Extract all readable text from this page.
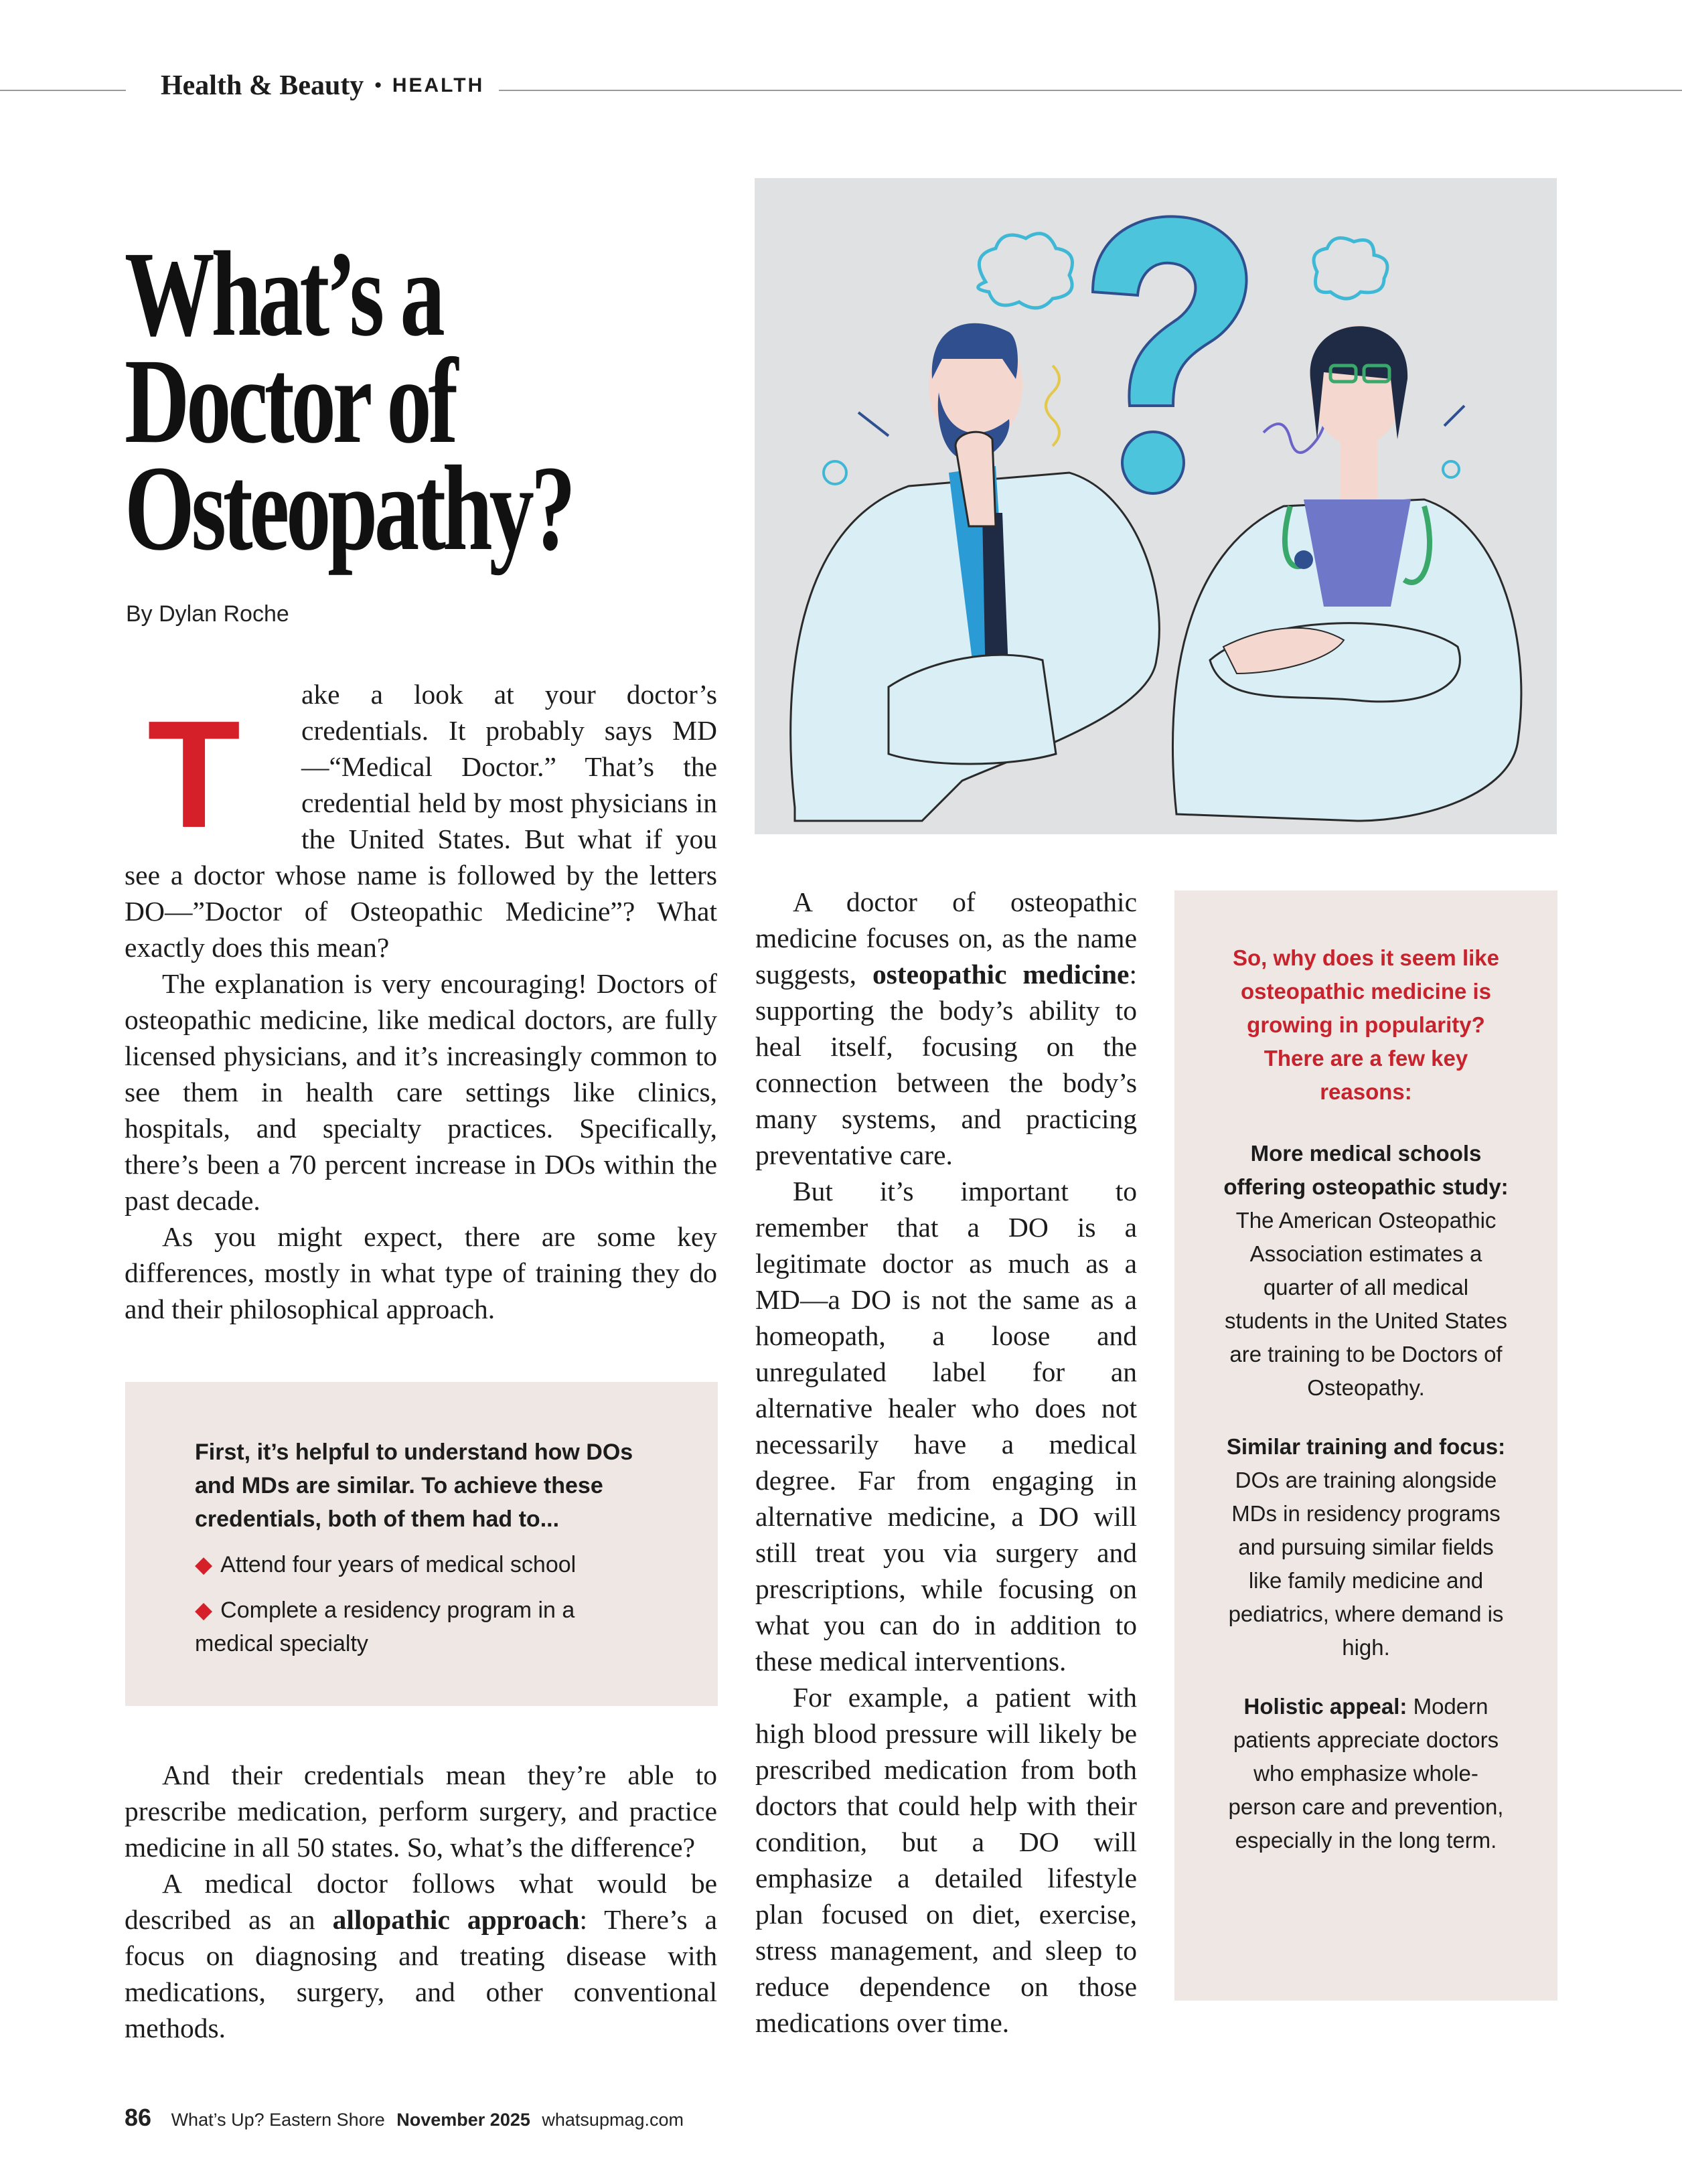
Health & Beauty • HEALTH
What’s a
Doctor of
Osteopathy?
By Dylan Roche
T	ake a look at your doctor’s credentials. It probably says MD—“Medical Doctor.” That’s the credential held by most physicians in the United States. But what if you see a doctor whose name is followed by the letters DO—”Doctor of Osteopathic Medicine”? What exactly does this mean?

The explanation is very encouraging! Doctors of osteopathic medicine, like medical doctors, are fully licensed physicians, and it’s increasingly common to see them in health care settings like clinics, hospitals, and specialty practices. Specifically, there’s been a 70 percent increase in DOs within the past decade.

As you might expect, there are some key differences, mostly in what type of training they do and their philosophical approach.

First, it’s helpful to understand how DOs and MDs are similar. To achieve these credentials, both of them had to...
◆ Attend four years of medical school
◆ Complete a residency program in a medical specialty

And their credentials mean they’re able to prescribe medication, perform surgery, and practice medicine in all 50 states. So, what’s the difference?

A medical doctor follows what would be described as an allopathic approach: There’s a focus on diagnosing and treating disease with medications, surgery, and other conventional methods.

A doctor of osteopathic medicine focuses on, as the name suggests, osteopathic medicine: supporting the body’s ability to heal itself, focusing on the connection between the body’s many systems, and practicing preventative care.

But it’s important to remember that a DO is a legitimate doctor as much as a MD—a DO is not the same as a homeopath, a loose and unregulated label for an alternative healer who does not necessarily have a medical degree. Far from engaging in alternative medicine, a DO will still treat you via surgery and prescriptions, while focusing on what you can do in addition to these medical interventions.

For example, a patient with high blood pressure will likely be prescribed medication from both doctors that could help with their condition, but a DO will emphasize a detailed lifestyle plan focused on diet, exercise, stress management, and sleep to reduce dependence on those medications over time.

So, why does it seem like osteopathic medicine is growing in popularity? There are a few key reasons:
More medical schools offering osteopathic study: The American Osteopathic Association estimates a quarter of all medical students in the United States are training to be Doctors of Osteopathy.
Similar training and focus: DOs are training alongside MDs in residency programs and pursuing similar fields like family medicine and pediatrics, where demand is high.
Holistic appeal: Modern patients appreciate doctors who emphasize whole-person care and prevention, especially in the long term.
86 What’s Up? Eastern Shore November 2025 whatsupmag.com
